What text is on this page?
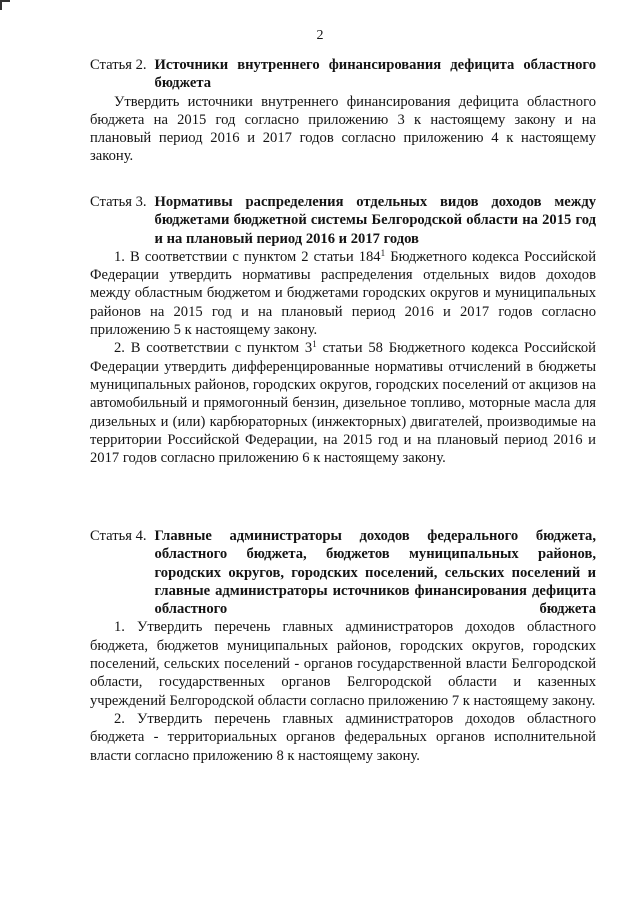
2
Статья 2. Источники внутреннего финансирования дефицита областного бюджета
Утвердить источники внутреннего финансирования дефицита областного бюджета на 2015 год согласно приложению 3 к настоящему закону и на плановый период 2016 и 2017 годов согласно приложению 4 к настоящему закону.
Статья 3. Нормативы распределения отдельных видов доходов между бюджетами бюджетной системы Белгородской области на 2015 год и на плановый период 2016 и 2017 годов
1. В соответствии с пунктом 2 статьи $184^1$ Бюджетного кодекса Российской Федерации утвердить нормативы распределения отдельных видов доходов между областным бюджетом и бюджетами городских округов и муниципальных районов на 2015 год и на плановый период 2016 и 2017 годов согласно приложению 5 к настоящему закону.
2. В соответствии с пунктом $3^1$ статьи 58 Бюджетного кодекса Российской Федерации утвердить дифференцированные нормативы отчислений в бюджеты муниципальных районов, городских округов, городских поселений от акцизов на автомобильный и прямогонный бензин, дизельное топливо, моторные масла для дизельных и (или) карбюраторных (инжекторных) двигателей, производимые на территории Российской Федерации, на 2015 год и на плановый период 2016 и 2017 годов согласно приложению 6 к настоящему закону.
Статья 4. Главные администраторы доходов федерального бюджета, областного бюджета, бюджетов муниципальных районов, городских округов, городских поселений, сельских поселений и главные администраторы источников финансирования дефицита областного бюджета
1. Утвердить перечень главных администраторов доходов областного бюджета, бюджетов муниципальных районов, городских округов, городских поселений, сельских поселений - органов государственной власти Белгородской области, государственных органов Белгородской области и казенных учреждений Белгородской области согласно приложению 7 к настоящему закону.
2. Утвердить перечень главных администраторов доходов областного бюджета - территориальных органов федеральных органов исполнительной власти согласно приложению 8 к настоящему закону.
